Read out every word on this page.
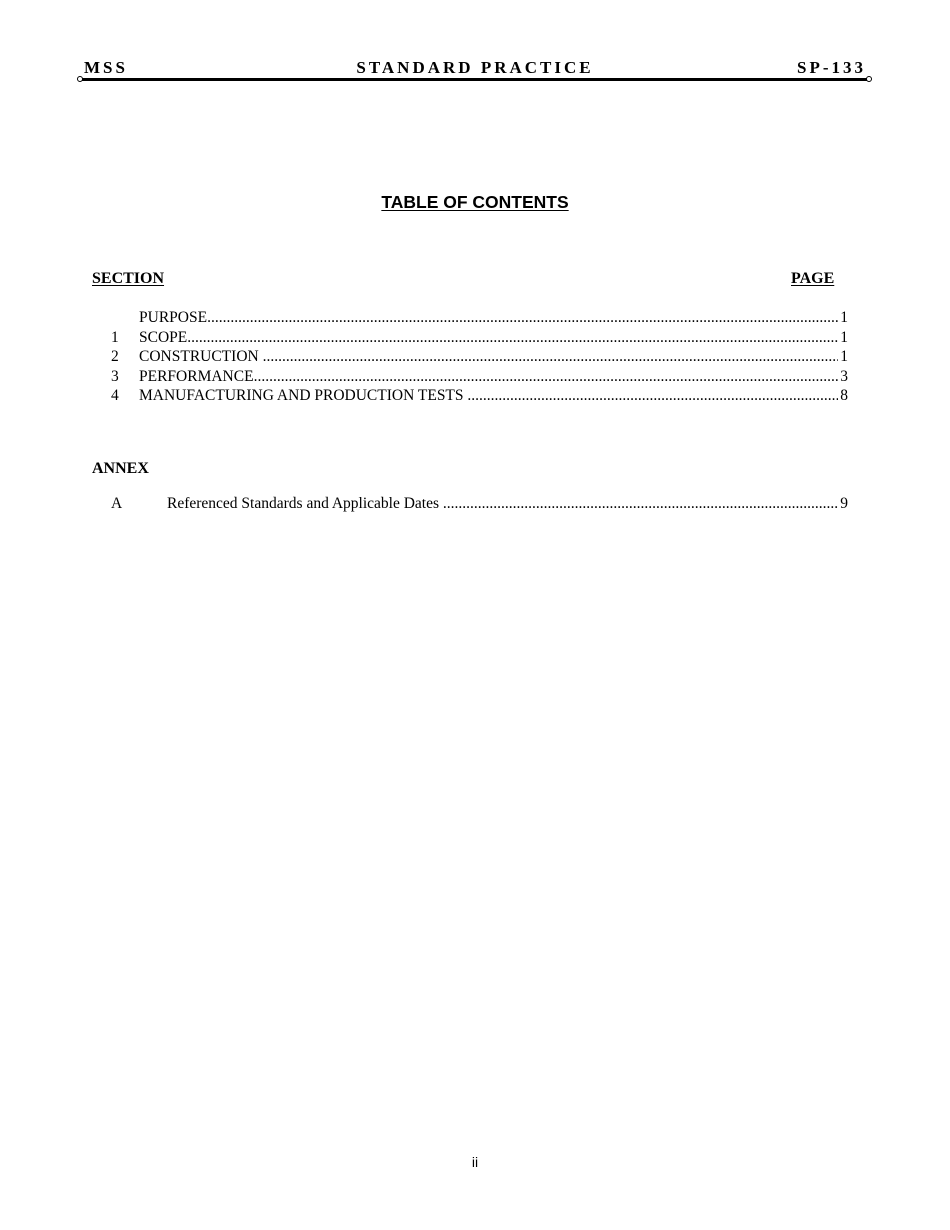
MSS	STANDARD PRACTICE	SP-133
TABLE OF CONTENTS
SECTION	PAGE
PURPOSE .....	1
1 SCOPE .....	1
2 CONSTRUCTION .....	1
3 PERFORMANCE .....	3
4 MANUFACTURING AND PRODUCTION TESTS .....	8
ANNEX
A	Referenced Standards and Applicable Dates .....	9
ii
